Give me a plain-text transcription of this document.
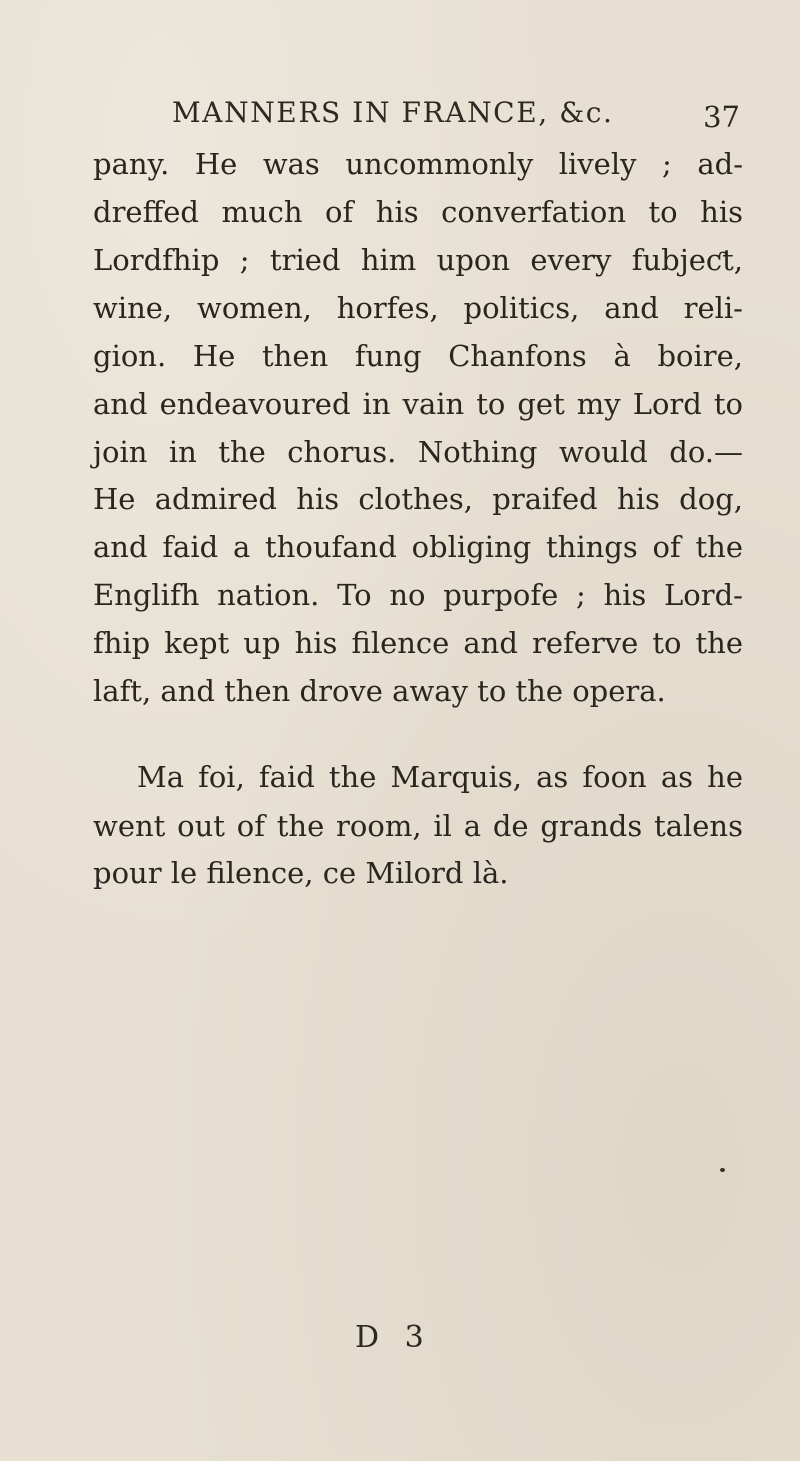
MANNERS IN FRANCE, &c.	37
pany. He was uncommonly lively ; ad-
dreffed much of his converfation to his
Lordfhip ; tried him upon every fubjeƈt,
wine, women, horfes, politics, and reli-
gion. He then fung Chanfons à boire,
and endeavoured in vain to get my Lord to
join in the chorus. Nothing would do.—
He admired his clothes, praifed his dog,
and faid a thoufand obliging things of the
Englifh nation. To no purpofe ; his Lord-
fhip kept up his filence and referve to the
laft, and then drove away to the opera.
Ma foi, faid the Marquis, as foon as he
went out of the room, il a de grands talens
pour le filence, ce Milord là.
D 3
